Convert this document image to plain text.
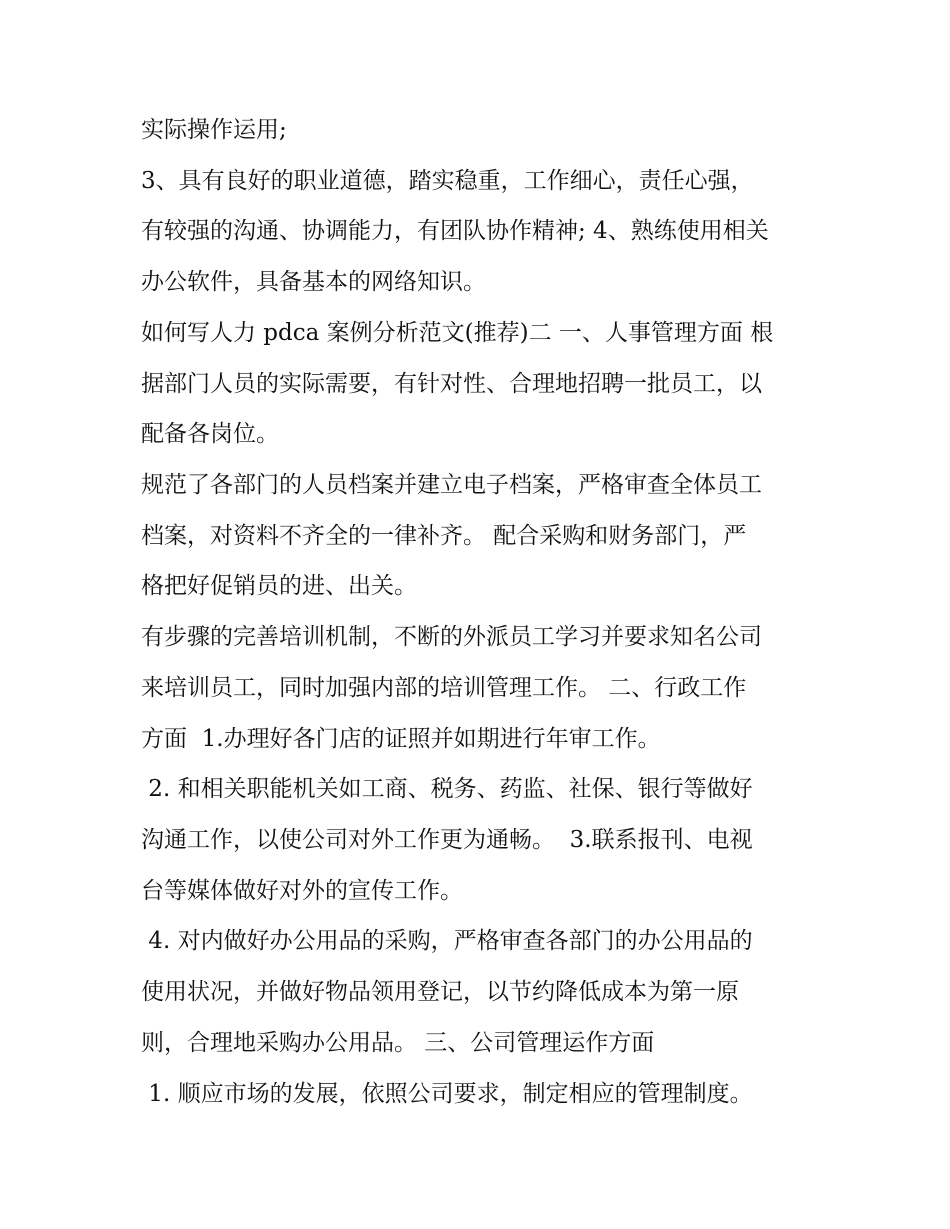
实际操作运用;

3、具有良好的职业道德，踏实稳重，工作细心，责任心强，

有较强的沟通、协调能力，有团队协作精神; 4、熟练使用相关

办公软件，具备基本的网络知识。

如何写人力 pdca 案例分析范文(推荐)二 一、人事管理方面 根

据部门人员的实际需要，有针对性、合理地招聘一批员工，以

配备各岗位。

规范了各部门的人员档案并建立电子档案，严格审查全体员工

档案，对资料不齐全的一律补齐。 配合采购和财务部门，严

格把好促销员的进、出关。

有步骤的完善培训机制，不断的外派员工学习并要求知名公司

来培训员工，同时加强内部的培训管理工作。 二、行政工作

方面  1.办理好各门店的证照并如期进行年审工作。

2. 和相关职能机关如工商、税务、药监、社保、银行等做好

沟通工作，以使公司对外工作更为通畅。  3.联系报刊、电视

台等媒体做好对外的宣传工作。

4. 对内做好办公用品的采购，严格审查各部门的办公用品的

使用状况，并做好物品领用登记，以节约降低成本为第一原

则，合理地采购办公用品。 三、公司管理运作方面

1. 顺应市场的发展，依照公司要求，制定相应的管理制度。
